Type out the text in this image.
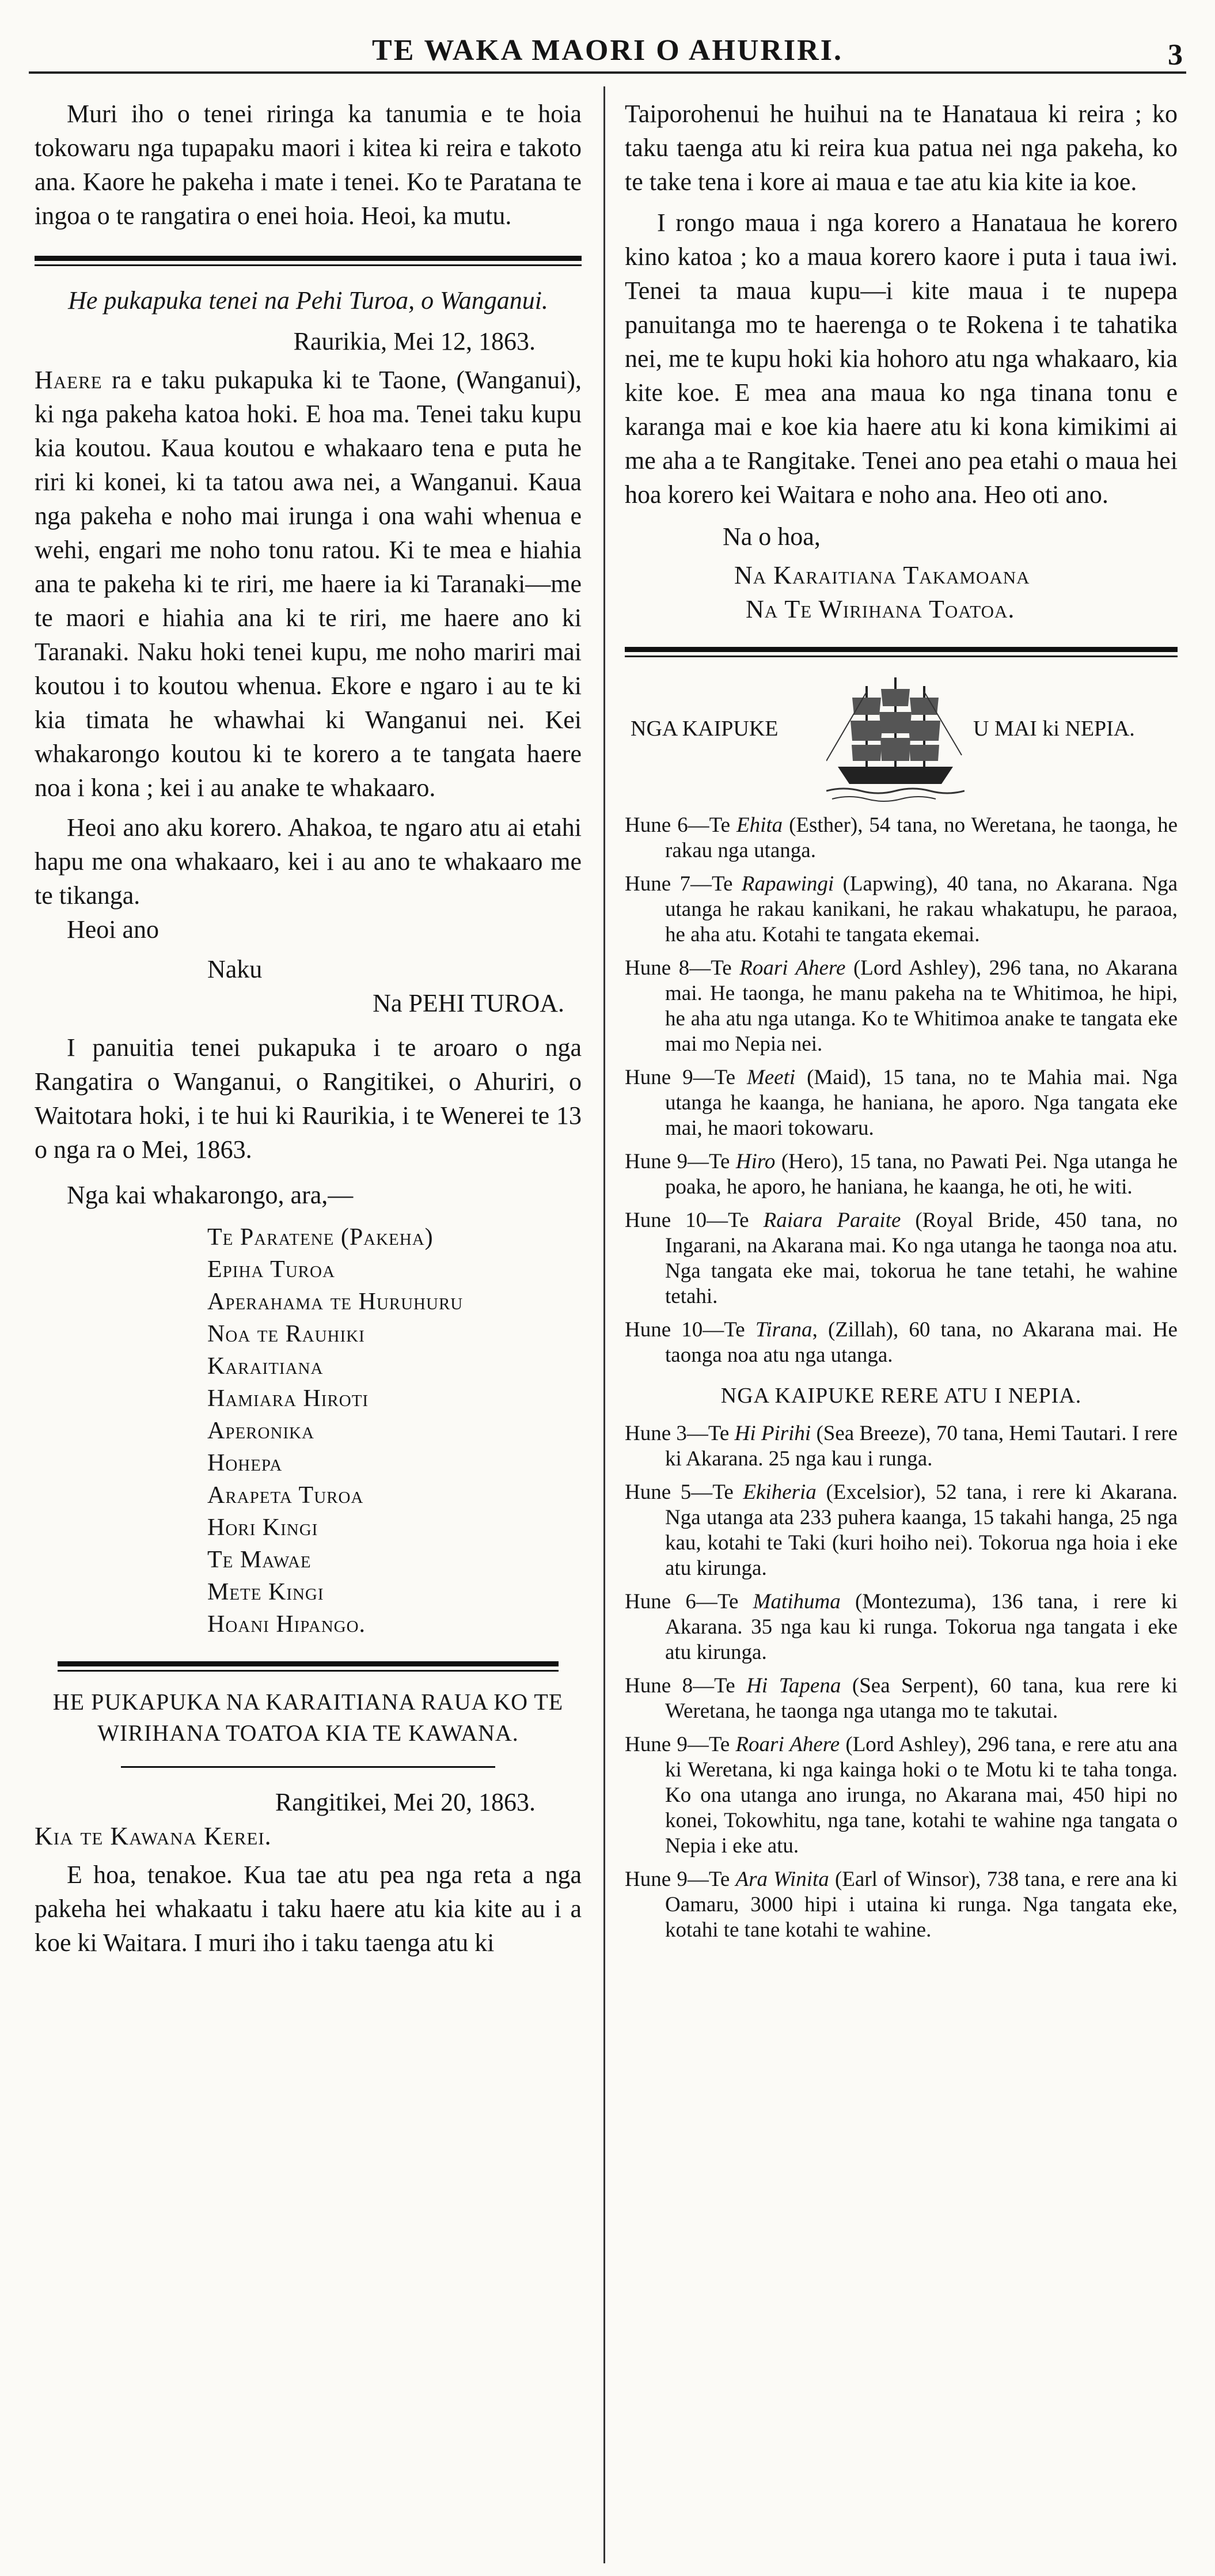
TE WAKA MAORI O AHURIRI.	3

Muri iho o tenei riringa ka tanumia e te hoia tokowaru nga tupapaku maori i kitea ki reira e takoto ana. Kaore he pakeha i mate i tenei. Ko te Paratana te ingoa o te rangatira o enei hoia. Heoi, ka mutu.

He pukapuka tenei na Pehi Turoa, o Wanganui.

Raurikia, Mei 12, 1863.

Haere ra e taku pukapuka ki te Taone, (Wanganui), ki nga pakeha katoa hoki. E hoa ma. Tenei taku kupu kia koutou. Kaua koutou e whakaaro tena e puta he riri ki konei, ki ta tatou awa nei, a Wanganui. Kaua nga pakeha e noho mai irunga i ona wahi whenua e wehi, engari me noho tonu ratou. Ki te mea e hiahia ana te pakeha ki te riri, me haere ia ki Taranaki—me te maori e hiahia ana ki te riri, me haere ano ki Taranaki. Naku hoki tenei kupu, me noho mariri mai koutou i to koutou whenua. Ekore e ngaro i au te ki kia timata he whawhai ki Wanganui nei. Kei whakarongo koutou ki te korero a te tangata haere noa i kona ; kei i au anake te whakaaro.

Heoi ano aku korero. Ahakoa, te ngaro atu ai etahi hapu me ona whakaaro, kei i au ano te whakaaro me te tikanga.

Heoi ano

Naku

Na PEHI TUROA.

I panuitia tenei pukapuka i te aroaro o nga Rangatira o Wanganui, o Rangitikei, o Ahuriri, o Waitotara hoki, i te hui ki Raurikia, i te Wenerei te 13 o nga ra o Mei, 1863.

Nga kai whakarongo, ara,—

Te Paratene (Pakeha)
Epiha Turoa
Aperahama te Huruhuru
Noa te Rauhiki
Karaitiana
Hamiara Hiroti
Aperonika
Hohepa
Arapeta Turoa
Hori Kingi
Te Mawae
Mete Kingi
Hoani Hipango.

HE PUKAPUKA NA KARAITIANA RAUA KO TE WIRIHANA TOATOA KIA TE KAWANA.

Rangitikei, Mei 20, 1863.

Kia te Kawana Kerei.

E hoa, tenakoe. Kua tae atu pea nga reta a nga pakeha hei whakaatu i taku haere atu kia kite au i a koe ki Waitara. I muri iho i taku taenga atu ki

Taiporohenui he huihui na te Hanataua ki reira ; ko taku taenga atu ki reira kua patua nei nga pakeha, ko te take tena i kore ai maua e tae atu kia kite ia koe.

I rongo maua i nga korero a Hanataua he korero kino katoa ; ko a maua korero kaore i puta i taua iwi. Tenei ta maua kupu—i kite maua i te nupepa panuitanga mo te haerenga o te Rokena i te tahatika nei, me te kupu hoki kia hohoro atu nga whakaaro, kia kite koe. E mea ana maua ko nga tinana tonu e karanga mai e koe kia haere atu ki kona kimikimi ai me aha a te Rangitake. Tenei ano pea etahi o maua hei hoa korero kei Waitara e noho ana. Heo oti ano.

Na o hoa,

Na Karaitiana Takamoana

Na Te Wirihana Toatoa.

NGA KAIPUKE	U MAI ki NEPIA.

Hune 6—Te Ehita (Esther), 54 tana, no Weretana, he taonga, he rakau nga utanga.

Hune 7—Te Rapawingi (Lapwing), 40 tana, no Akarana. Nga utanga he rakau kanikani, he rakau whakatupu, he paraoa, he aha atu. Kotahi te tangata ekemai.

Hune 8—Te Roari Ahere (Lord Ashley), 296 tana, no Akarana mai. He taonga, he manu pakeha na te Whitimoa, he hipi, he aha atu nga utanga. Ko te Whitimoa anake te tangata eke mai mo Nepia nei.

Hune 9—Te Meeti (Maid), 15 tana, no te Mahia mai. Nga utanga he kaanga, he haniana, he aporo. Nga tangata eke mai, he maori tokowaru.

Hune 9—Te Hiro (Hero), 15 tana, no Pawati Pei. Nga utanga he poaka, he aporo, he haniana, he kaanga, he oti, he witi.

Hune 10—Te Raiara Paraite (Royal Bride, 450 tana, no Ingarani, na Akarana mai. Ko nga utanga he taonga noa atu. Nga tangata eke mai, tokorua he tane tetahi, he wahine tetahi.

Hune 10—Te Tirana, (Zillah), 60 tana, no Akarana mai. He taonga noa atu nga utanga.

NGA KAIPUKE RERE ATU I NEPIA.

Hune 3—Te Hi Pirihi (Sea Breeze), 70 tana, Hemi Tautari. I rere ki Akarana. 25 nga kau i runga.

Hune 5—Te Ekiheria (Excelsior), 52 tana, i rere ki Akarana. Nga utanga ata 233 puhera kaanga, 15 takahi hanga, 25 nga kau, kotahi te Taki (kuri hoiho nei). Tokorua nga hoia i eke atu kirunga.

Hune 6—Te Matihuma (Montezuma), 136 tana, i rere ki Akarana. 35 nga kau ki runga. Tokorua nga tangata i eke atu kirunga.

Hune 8—Te Hi Tapena (Sea Serpent), 60 tana, kua rere ki Weretana, he taonga nga utanga mo te takutai.

Hune 9—Te Roari Ahere (Lord Ashley), 296 tana, e rere atu ana ki Weretana, ki nga kainga hoki o te Motu ki te taha tonga. Ko ona utanga ano irunga, no Akarana mai, 450 hipi no konei, Tokowhitu, nga tane, kotahi te wahine nga tangata o Nepia i eke atu.

Hune 9—Te Ara Winita (Earl of Winsor), 738 tana, e rere ana ki Oamaru, 3000 hipi i utaina ki runga. Nga tangata eke, kotahi te tane kotahi te wahine.
